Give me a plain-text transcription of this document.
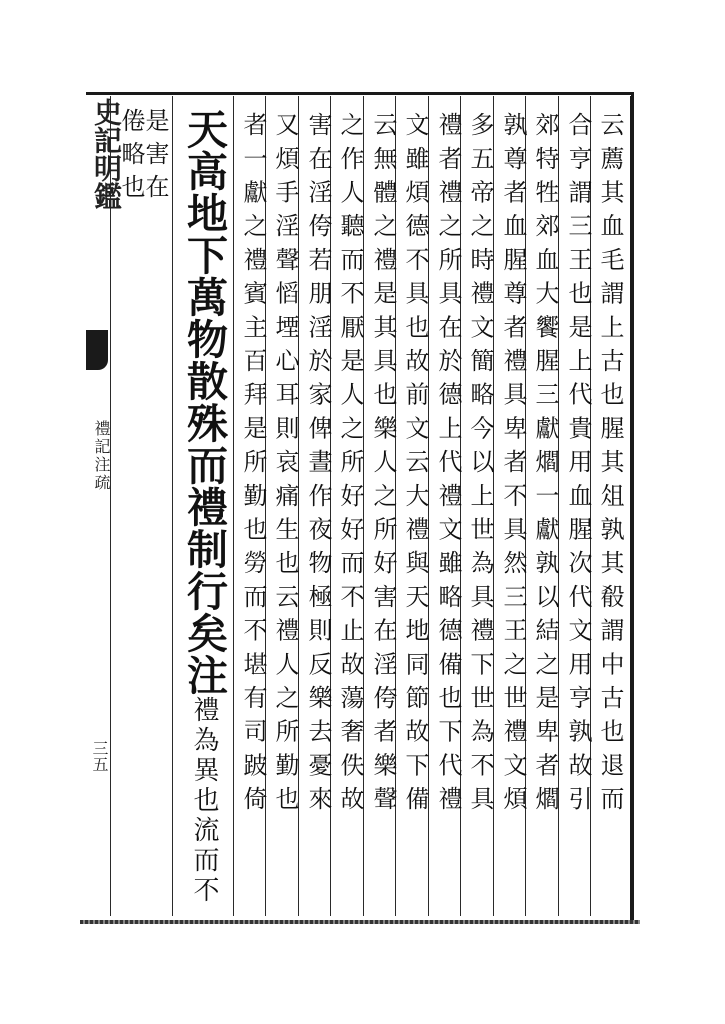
云薦其血毛謂上古也腥其俎孰其殽謂中古也退而
合亨謂三王也是上代貴用血腥次代文用亨孰故引
郊特牲郊血大饗腥三獻爓一獻孰以結之是卑者爓
孰尊者血腥尊者禮具卑者不具然三王之世禮文煩
多五帝之時禮文簡略今以上世為具禮下世為不具
禮者禮之所具在於德上代禮文雖略德備也下代禮
文雖煩德不具也故前文云大禮與天地同節故下備
云無體之禮是其具也樂人之所好害在淫侉者樂聲
之作人聽而不厭是人之所好好而不止故蕩奢佚故
害在淫侉若朋淫於家俾晝作夜物極則反樂去憂來
又煩手淫聲慆堙心耳則哀痛生也云禮人之所勤也
者一獻之禮賓主百拜是所勤也勞而不堪有司跛倚
天高地下萬物散殊而禮制行矣注禮為異也流而不
是害在
倦略也
史記明鑑
禮記注疏
三五
